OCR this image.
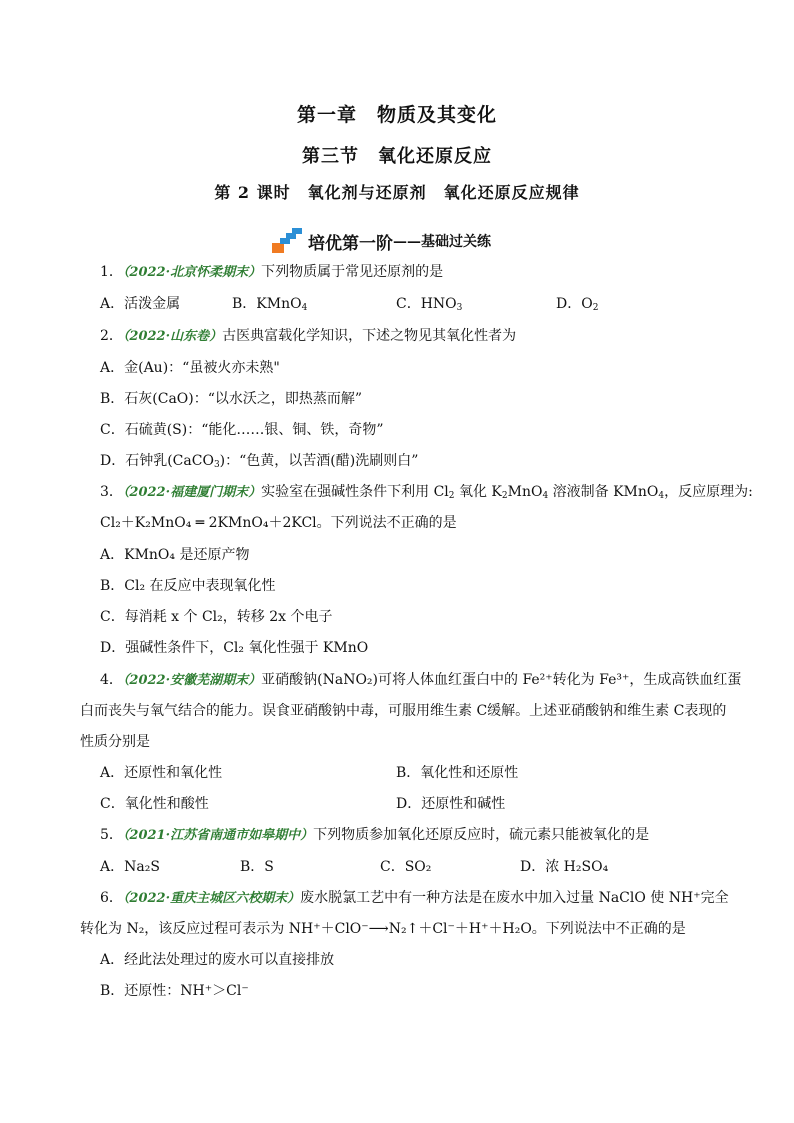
第一章　物质及其变化
第三节　氧化还原反应
第 2 课时　氧化剂与还原剂　氧化还原反应规律
培优第一阶 ——基础过关练
1．（2022·北京怀柔期末）下列物质属于常见还原剂的是
A．活泼金属	B．KMnO$_4$	C．$HNO_3$	D．$O_2$
2．（2022·山东卷）古医典富载化学知识，下述之物见其氧化性者为
A．金(Au)：“虽被火亦未熟"
B．石灰(CaO)：“以水沃之，即热蒸而解”
C．石硫黄(S)：“能化……银、铜、铁，奇物”
D．石钟乳(CaCO$_3$)：“色黄，以苦酒(醋)洗刷则白”
3．（2022·福建厦门期末）实验室在强碱性条件下利用 $Cl_2$ 氧化 $K_2MnO_4$ 溶液制备 KMnO$_4$，反应原理为:
Cl₂＋K₂MnO₄ ═ 2KMnO₄＋2KCl。下列说法不正确的是
A．KMnO₄ 是还原产物
B．Cl₂ 在反应中表现氧化性
C．每消耗 x 个 Cl₂，转移 2x 个电子
D．强碱性条件下，Cl₂ 氧化性强于 KMnO
4．（2022·安徽芜湖期末）亚硝酸钠(NaNO₂)可将人体血红蛋白中的 Fe²⁺转化为 Fe³⁺，生成高铁血红蛋
白而丧失与氧气结合的能力。误食亚硝酸钠中毒，可服用维生素 C缓解。上述亚硝酸钠和维生素 C表现的
性质分别是
A．还原性和氧化性	B．氧化性和还原性
C．氧化性和酸性	D．还原性和碱性
5．（2021·江苏省南通市如皋期中）下列物质参加氧化还原反应时，硫元素只能被氧化的是
A．Na₂S	B．S	C．SO₂	D．浓 H₂SO₄
6．（2022·重庆主城区六校期末）废水脱氯工艺中有一种方法是在废水中加入过量 NaClO 使 NH⁺完全
转化为 N₂，该反应过程可表示为 NH⁺＋ClO⁻⟶N₂↑＋Cl⁻＋H⁺＋H₂O。下列说法中不正确的是
A．经此法处理过的废水可以直接排放
B．还原性：NH⁺＞Cl⁻
